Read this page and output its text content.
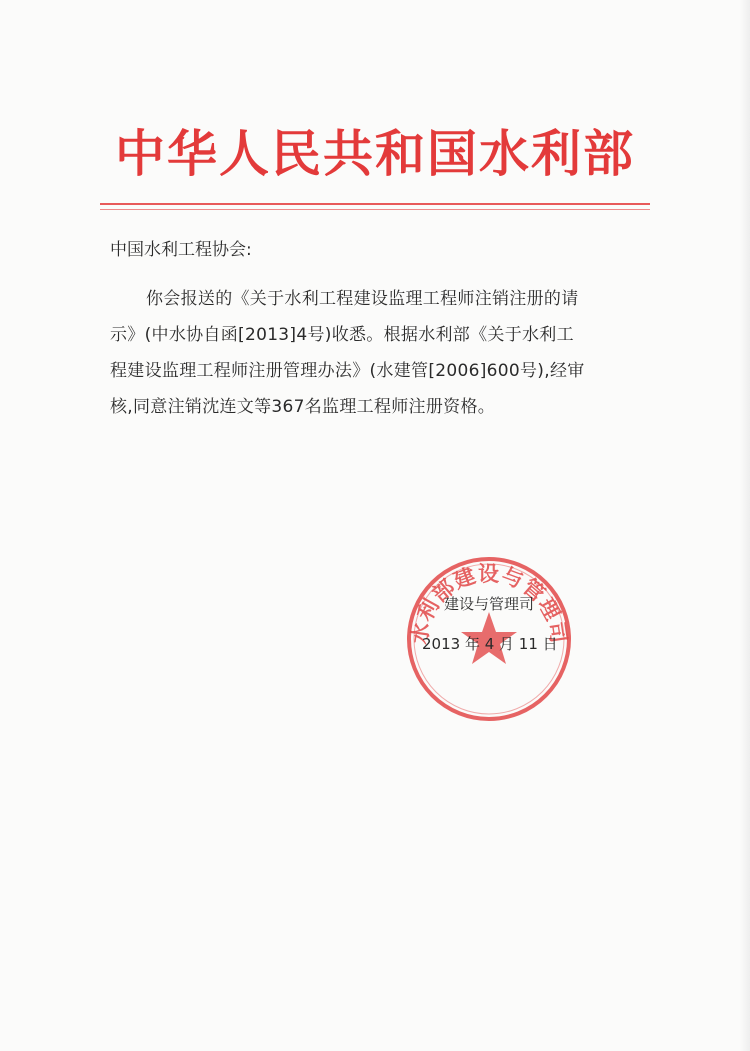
中华人民共和国水利部
中国水利工程协会:
你会报送的《关于水利工程建设监理工程师注销注册的请
示》(中水协自函[2013]4号)收悉。根据水利部《关于水利工
程建设监理工程师注册管理办法》(水建管[2006]600号),经审
核,同意注销沈连文等367名监理工程师注册资格。
水利部建设与管理司
建设与管理司
2013 年 4 月 11 日
